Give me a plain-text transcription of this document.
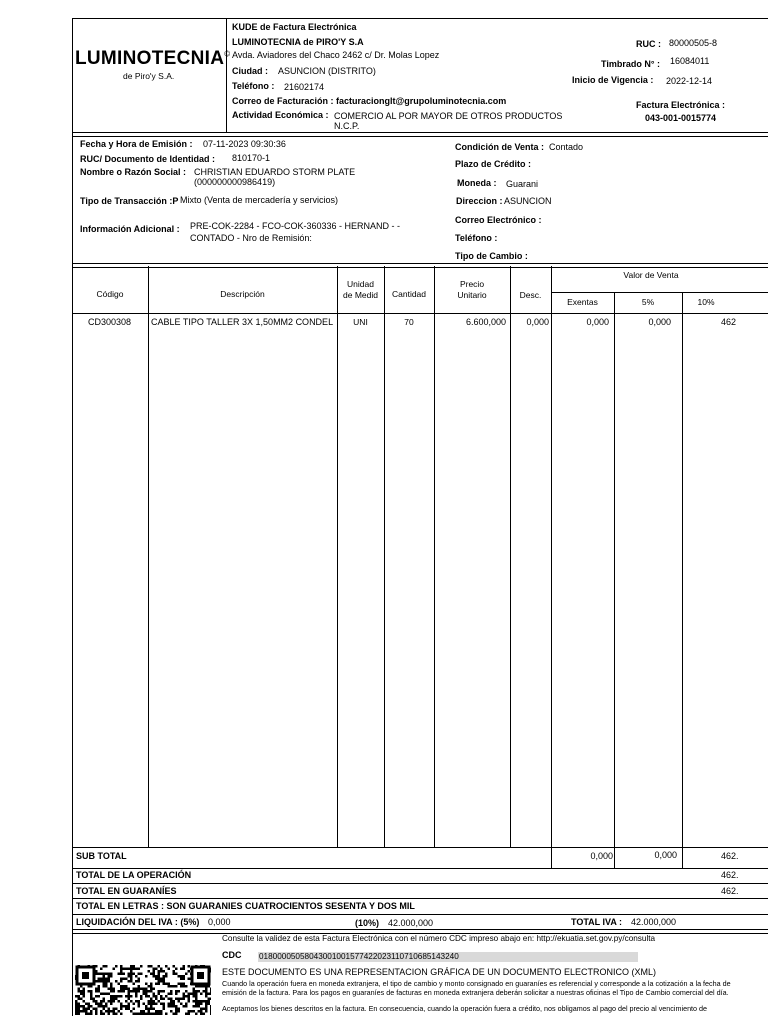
LUMINOTECNIA©
de Piro'y S.A.
KUDE de Factura Electrónica
LUMINOTECNIA de PIRO'Y S.A
Avda. Aviadores del Chaco 2462 c/ Dr. Molas Lopez
Ciudad : ASUNCION (DISTRITO)
Teléfono : 21602174
Correo de Facturación : facturacionglt@grupoluminotecnia.com
Actividad Económica : COMERCIO AL POR MAYOR DE OTROS PRODUCTOS
N.C.P.
RUC : 80000505-8
Timbrado N° : 16084011
Inicio de Vigencia : 2022-12-14
Factura Electrónica :
043-001-0015774
Fecha y Hora de Emisión : 07-11-2023 09:30:36
RUC/ Documento de Identidad : 810170-1
Nombre o Razón Social : CHRISTIAN EDUARDO STORM PLATE
(000000000986419)
Tipo de Transacción :P Mixto (Venta de mercadería y servicios)
Información Adicional : PRE-COK-2284 - FCO-COK-360336 - HERNAND - -
CONTADO - Nro de Remisión:
Condición de Venta : Contado
Plazo de Crédito :
Moneda : Guarani
Direccion : ASUNCION
Correo Electrónico :
Teléfono :
Tipo de Cambio :
Código	Descripción
Unidad
de Medid	Cantidad
Precio
Unitario	Desc.
Valor de Venta
Exentas	5%	10%
CD300308 CABLE TIPO TALLER 3X 1,50MM2 CONDEL	UNI	70	6.600,000	0,000	0,000	0,000	462
SUB TOTAL	0,000	0,000	462.
TOTAL DE LA OPERACIÓN	462.
TOTAL EN GUARANÍES	462.
TOTAL EN LETRAS : SON GUARANIES CUATROCIENTOS SESENTA Y DOS MIL
LIQUIDACIÓN DEL IVA : (5%) 0,000	(10%) 42.000,000	TOTAL IVA : 42.000,000
Consulte la validez de esta Factura Electrónica con el número CDC impreso abajo en: http://ekuatia.set.gov.py/consulta
CDC 01800005058043001001577422023110710685143240
ESTE DOCUMENTO ES UNA REPRESENTACION GRÁFICA DE UN DOCUMENTO ELECTRONICO (XML)
Cuando la operación fuera en moneda extranjera, el tipo de cambio y monto consignado en guaraníes es referencial y corresponde a la cotización a la fecha de emisión de la factura. Para los pagos en guaraníes de facturas en moneda extranjera deberán solicitar a nuestras oficinas el Tipo de Cambio comercial del día.
Aceptamos los bienes descritos en la factura. En consecuencia, cuando la operación fuera a crédito, nos obligamos al pago del precio al vencimiento de
